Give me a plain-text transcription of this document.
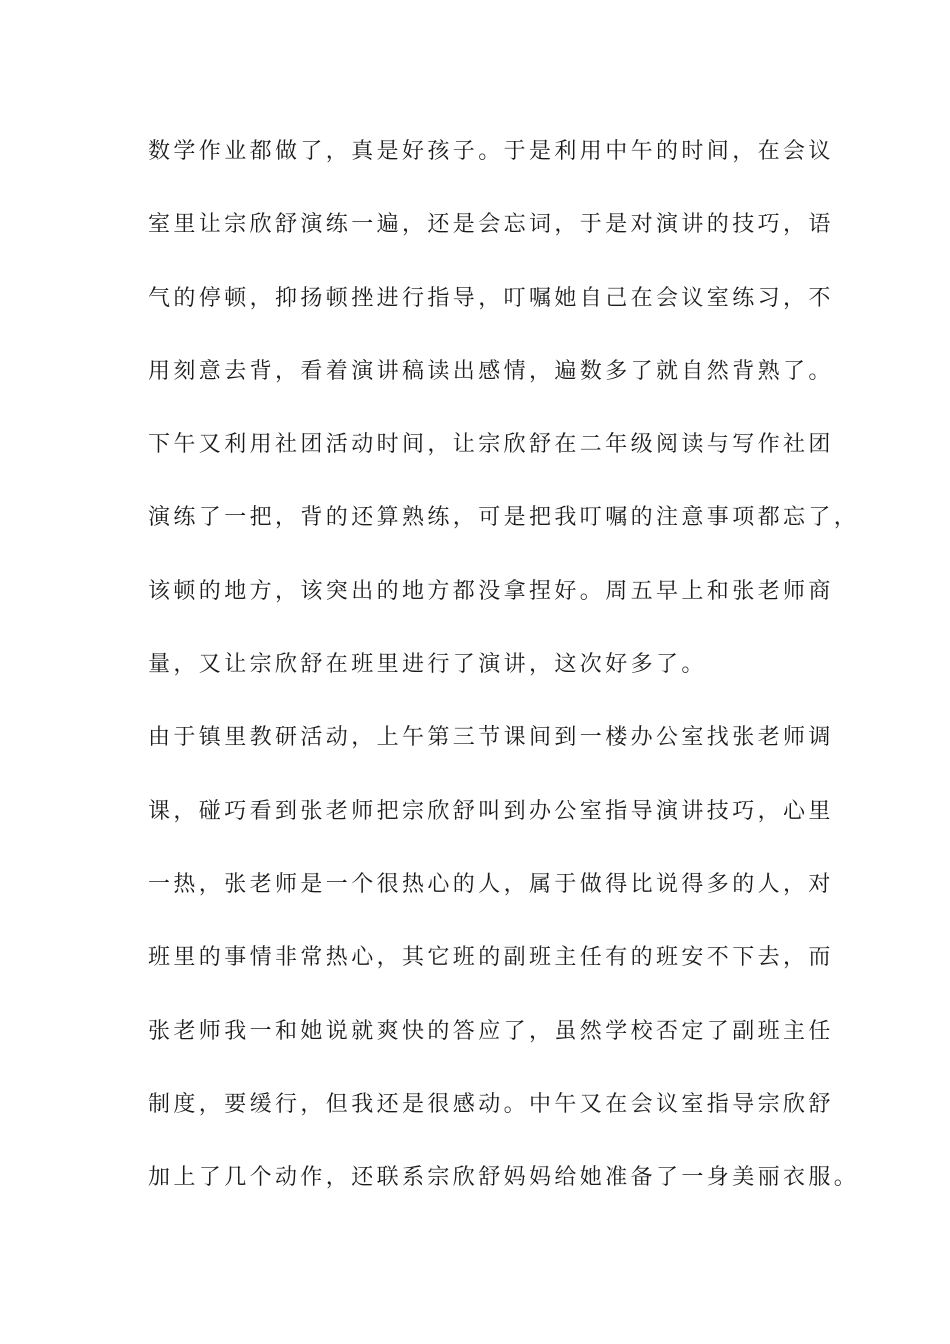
数学作业都做了，真是好孩子。于是利用中午的时间，在会议
室里让宗欣舒演练一遍，还是会忘词，于是对演讲的技巧，语
气的停顿，抑扬顿挫进行指导，叮嘱她自己在会议室练习，不
用刻意去背，看着演讲稿读出感情，遍数多了就自然背熟了。
下午又利用社团活动时间，让宗欣舒在二年级阅读与写作社团
演练了一把，背的还算熟练，可是把我叮嘱的注意事项都忘了，
该顿的地方，该突出的地方都没拿捏好。周五早上和张老师商
量，又让宗欣舒在班里进行了演讲，这次好多了。
由于镇里教研活动，上午第三节课间到一楼办公室找张老师调
课，碰巧看到张老师把宗欣舒叫到办公室指导演讲技巧，心里
一热，张老师是一个很热心的人，属于做得比说得多的人，对
班里的事情非常热心，其它班的副班主任有的班安不下去，而
张老师我一和她说就爽快的答应了，虽然学校否定了副班主任
制度，要缓行，但我还是很感动。中午又在会议室指导宗欣舒
加上了几个动作，还联系宗欣舒妈妈给她准备了一身美丽衣服。
